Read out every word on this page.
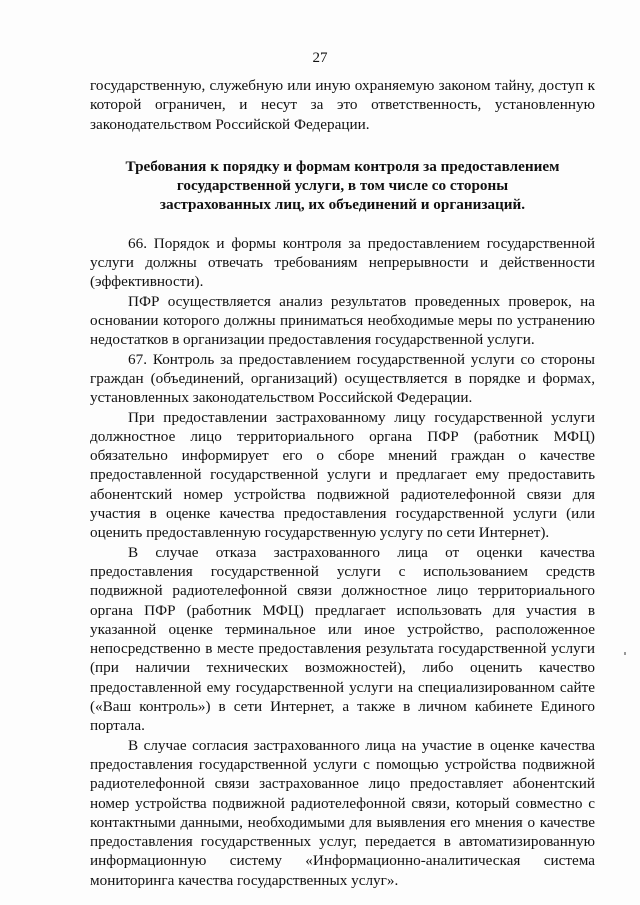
27

государственную, служебную или иную охраняемую законом тайну, доступ к которой ограничен, и несут за это ответственность, установленную законодательством Российской Федерации.

Требования к порядку и формам контроля за предоставлением государственной услуги, в том числе со стороны застрахованных лиц, их объединений и организаций.

66. Порядок и формы контроля за предоставлением государственной услуги должны отвечать требованиям непрерывности и действенности (эффективности).

ПФР осуществляется анализ результатов проведенных проверок, на основании которого должны приниматься необходимые меры по устранению недостатков в организации предоставления государственной услуги.

67. Контроль за предоставлением государственной услуги со стороны граждан (объединений, организаций) осуществляется в порядке и формах, установленных законодательством Российской Федерации.

При предоставлении застрахованному лицу государственной услуги должностное лицо территориального органа ПФР (работник МФЦ) обязательно информирует его о сборе мнений граждан о качестве предоставленной государственной услуги и предлагает ему предоставить абонентский номер устройства подвижной радиотелефонной связи для участия в оценке качества предоставления государственной услуги (или оценить предоставленную государственную услугу по сети Интернет).

В случае отказа застрахованного лица от оценки качества предоставления государственной услуги с использованием средств подвижной радиотелефонной связи должностное лицо территориального органа ПФР (работник МФЦ) предлагает использовать для участия в указанной оценке терминальное или иное устройство, расположенное непосредственно в месте предоставления результата государственной услуги (при наличии технических возможностей), либо оценить качество предоставленной ему государственной услуги на специализированном сайте («Ваш контроль») в сети Интернет, а также в личном кабинете Единого портала.

В случае согласия застрахованного лица на участие в оценке качества предоставления государственной услуги с помощью устройства подвижной радиотелефонной связи застрахованное лицо предоставляет абонентский номер устройства подвижной радиотелефонной связи, который совместно с контактными данными, необходимыми для выявления его мнения о качестве предоставления государственных услуг, передается в автоматизированную информационную систему «Информационно-аналитическая система мониторинга качества государственных услуг».
